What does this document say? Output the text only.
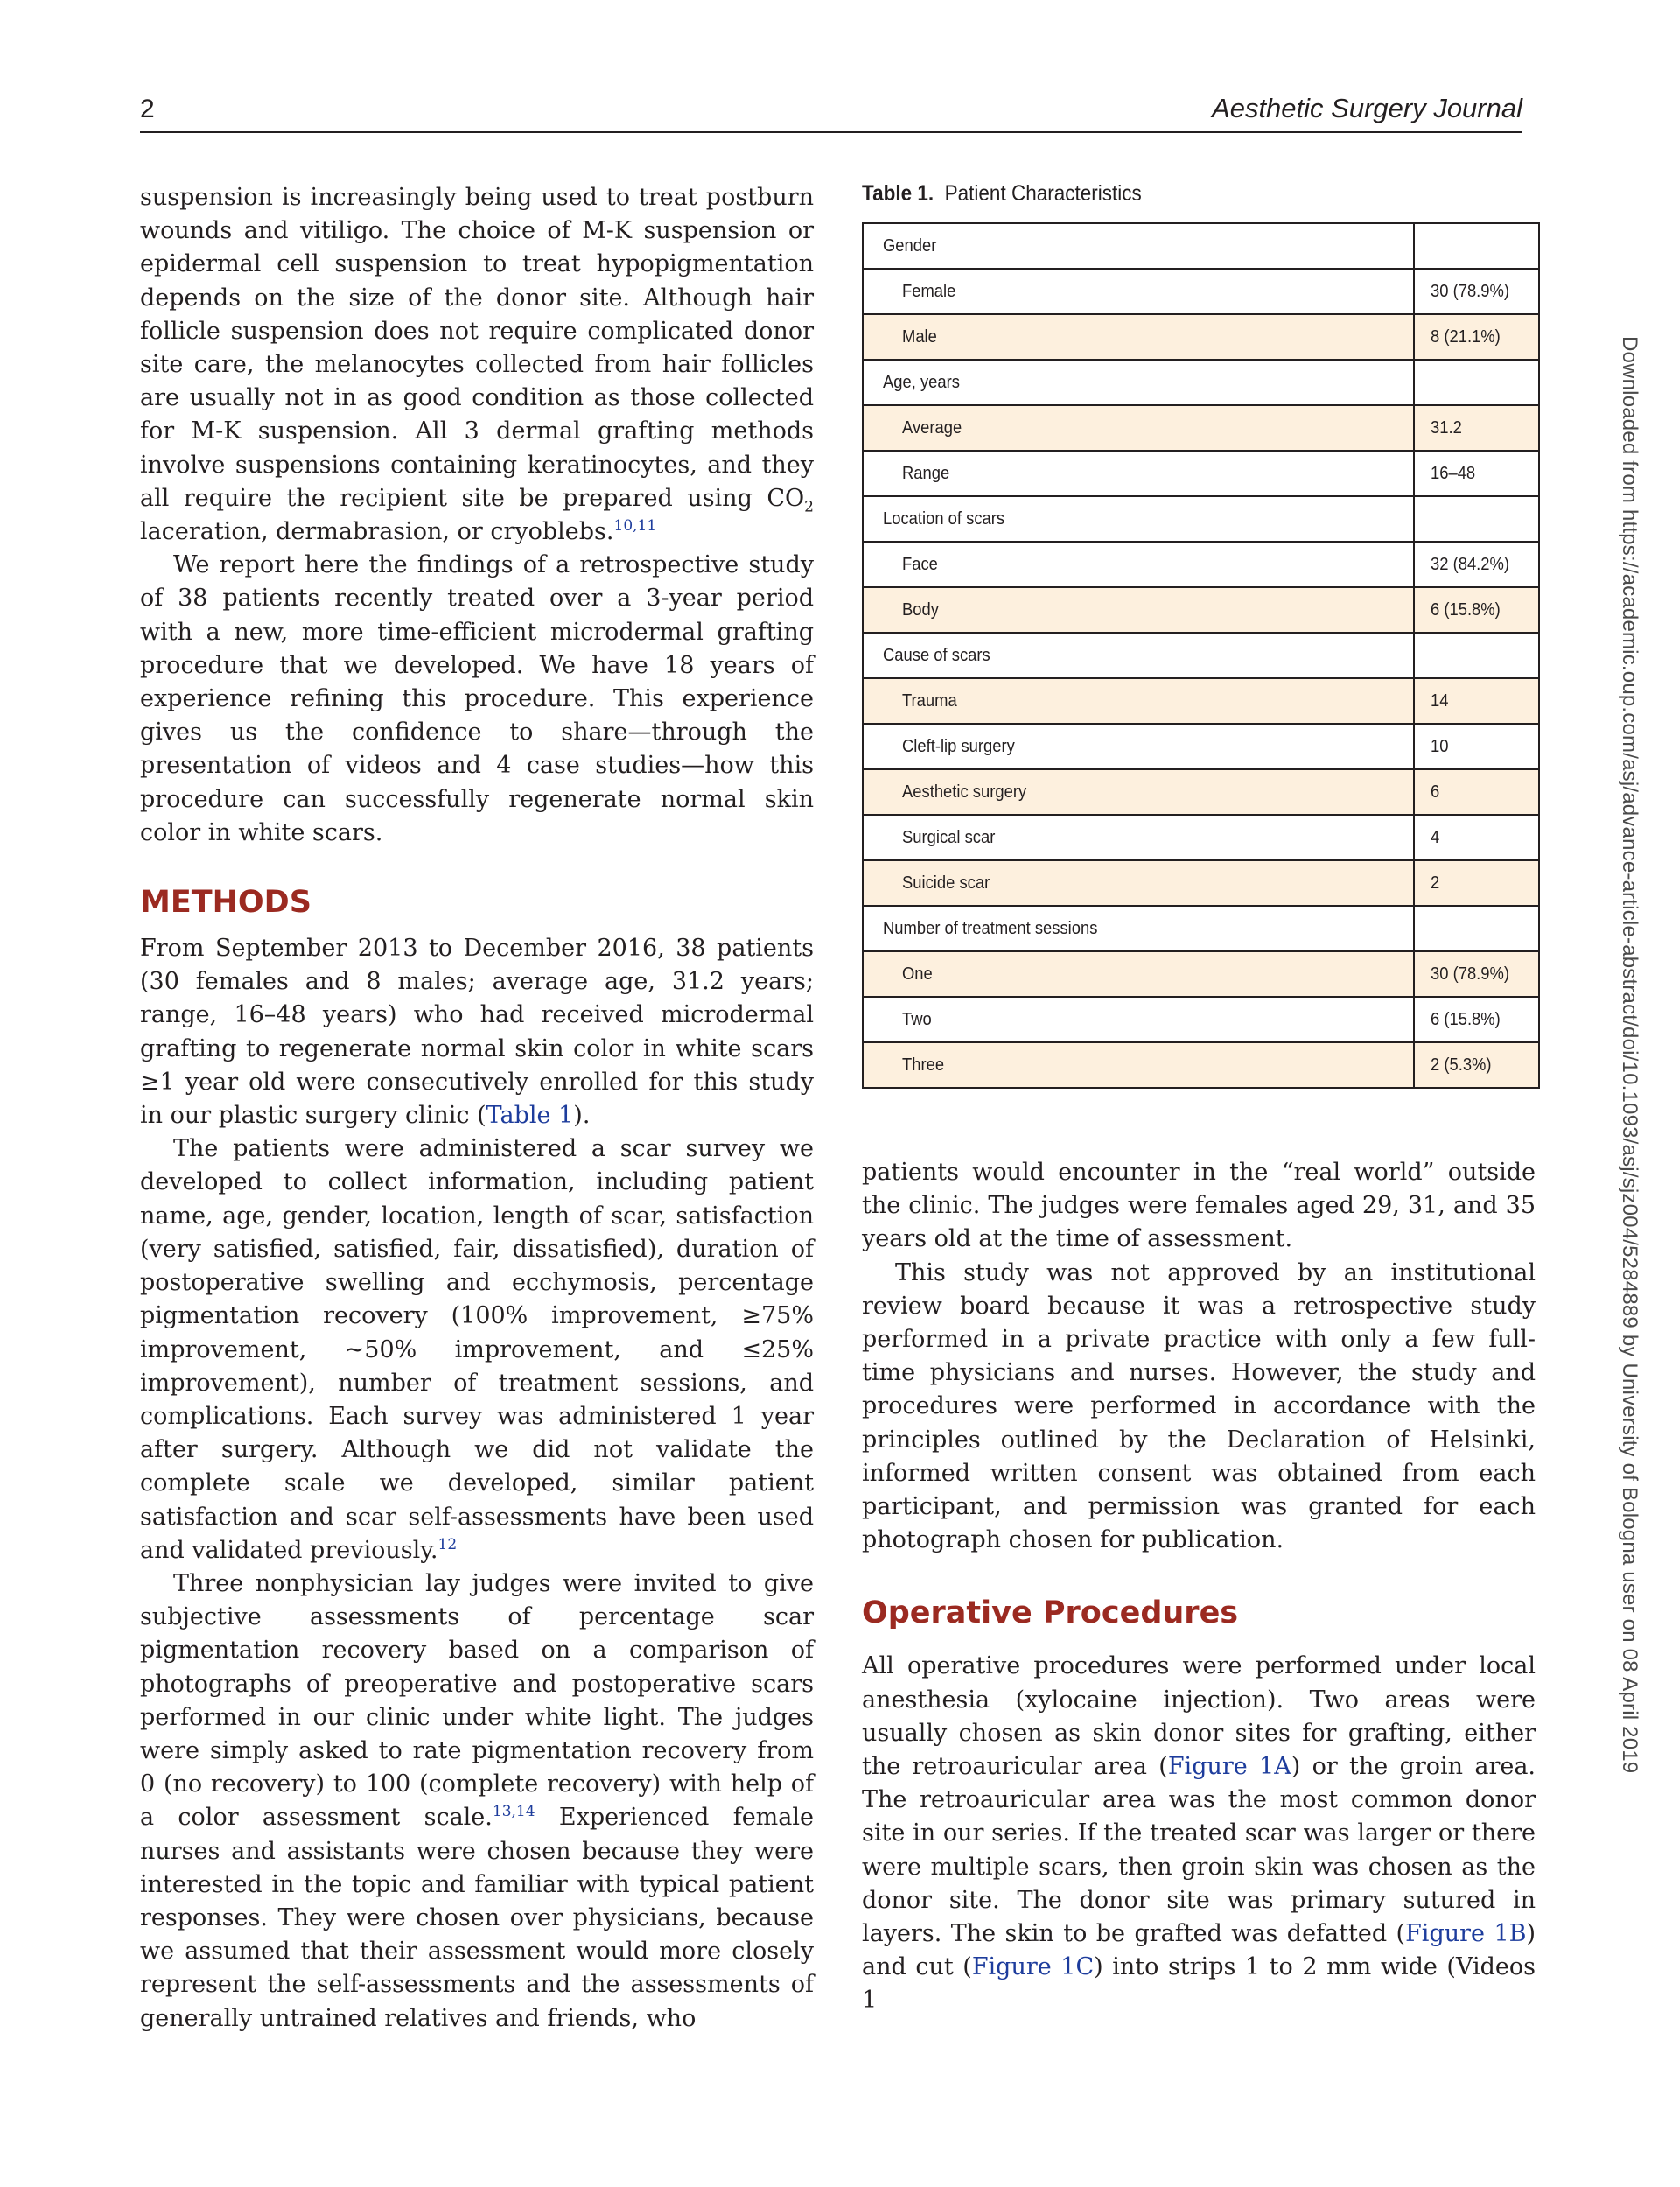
2	Aesthetic Surgery Journal

suspension is increasingly being used to treat postburn wounds and vitiligo. The choice of M-K suspension or epidermal cell suspension to treat hypopigmentation depends on the size of the donor site. Although hair follicle suspension does not require complicated donor site care, the melanocytes collected from hair follicles are usually not in as good condition as those collected for M-K suspension. All 3 dermal grafting methods involve suspensions containing keratinocytes, and they all require the recipient site be prepared using $CO_2$ laceration, dermabrasion, or cryoblebs.$^{10,11}$

We report here the findings of a retrospective study of 38 patients recently treated over a 3-year period with a new, more time-efficient microdermal grafting procedure that we developed. We have 18 years of experience refining this procedure. This experience gives us the confidence to share—through the presentation of videos and 4 case studies—how this procedure can successfully regenerate normal skin color in white scars.

METHODS

From September 2013 to December 2016, 38 patients (30 females and 8 males; average age, 31.2 years; range, 16–48 years) who had received microdermal grafting to regenerate normal skin color in white scars ≥1 year old were consecutively enrolled for this study in our plastic surgery clinic (Table 1).

The patients were administered a scar survey we developed to collect information, including patient name, age, gender, location, length of scar, satisfaction (very satisfied, satisfied, fair, dissatisfied), duration of postoperative swelling and ecchymosis, percentage pigmentation recovery (100% improvement, ≥75% improvement, ~50% improvement, and ≤25% improvement), number of treatment sessions, and complications. Each survey was administered 1 year after surgery. Although we did not validate the complete scale we developed, similar patient satisfaction and scar self-assessments have been used and validated previously.$^{12}$

Three nonphysician lay judges were invited to give subjective assessments of percentage scar pigmentation recovery based on a comparison of photographs of preoperative and postoperative scars performed in our clinic under white light. The judges were simply asked to rate pigmentation recovery from 0 (no recovery) to 100 (complete recovery) with help of a color assessment scale.$^{13,14}$ Experienced female nurses and assistants were chosen because they were interested in the topic and familiar with typical patient responses. They were chosen over physicians, because we assumed that their assessment would more closely represent the self-assessments and the assessments of generally untrained relatives and friends, who

Table 1. Patient Characteristics
Gender	
Female	30 (78.9%)
Male	8 (21.1%)
Age, years	
Average	31.2
Range	16–48
Location of scars	
Face	32 (84.2%)
Body	6 (15.8%)
Cause of scars	
Trauma	14
Cleft-lip surgery	10
Aesthetic surgery	6
Surgical scar	4
Suicide scar	2
Number of treatment sessions	
One	30 (78.9%)
Two	6 (15.8%)
Three	2 (5.3%)

patients would encounter in the “real world” outside the clinic. The judges were females aged 29, 31, and 35 years old at the time of assessment.

This study was not approved by an institutional review board because it was a retrospective study performed in a private practice with only a few full-time physicians and nurses. However, the study and procedures were performed in accordance with the principles outlined by the Declaration of Helsinki, informed written consent was obtained from each participant, and permission was granted for each photograph chosen for publication.

Operative Procedures

All operative procedures were performed under local anesthesia (xylocaine injection). Two areas were usually chosen as skin donor sites for grafting, either the retroauricular area (Figure 1A) or the groin area. The retroauricular area was the most common donor site in our series. If the treated scar was larger or there were multiple scars, then groin skin was chosen as the donor site. The donor site was primary sutured in layers. The skin to be grafted was defatted (Figure 1B) and cut (Figure 1C) into strips 1 to 2 mm wide (Videos 1

Downloaded from https://academic.oup.com/asj/advance-article-abstract/doi/10.1093/asj/sjz004/5284889 by University of Bologna user on 08 April 2019
